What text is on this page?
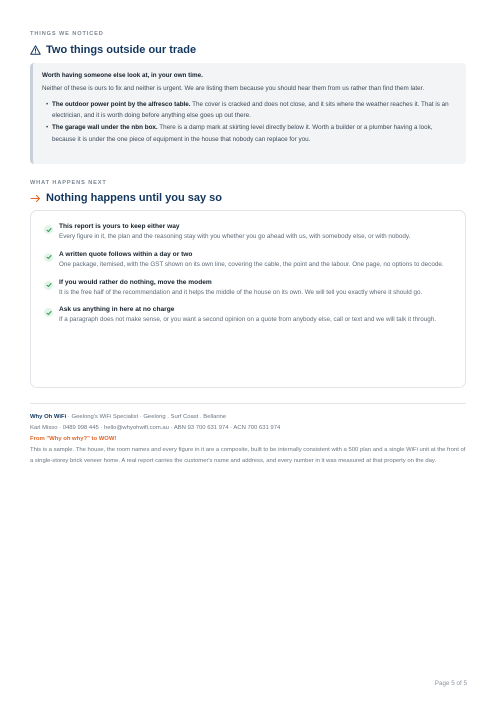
THINGS WE NOTICED
Two things outside our trade
Worth having someone else look at, in your own time.
Neither of these is ours to fix and neither is urgent. We are listing them because you should hear them from us rather than find them later.
• The outdoor power point by the alfresco table. The cover is cracked and does not close, and it sits where the weather reaches it. That is an electrician, and it is worth doing before anything else goes up out there.
• The garage wall under the nbn box. There is a damp mark at skirting level directly below it. Worth a builder or a plumber having a look, because it is under the one piece of equipment in the house that nobody can replace for you.
WHAT HAPPENS NEXT
Nothing happens until you say so
This report is yours to keep either way
Every figure in it, the plan and the reasoning stay with you whether you go ahead with us, with somebody else, or with nobody.
A written quote follows within a day or two
One package, itemised, with the GST shown on its own line, covering the cable, the point and the labour. One page, no options to decode.
If you would rather do nothing, move the modem
It is the free half of the recommendation and it helps the middle of the house on its own. We will tell you exactly where it should go.
Ask us anything in here at no charge
If a paragraph does not make sense, or you want a second opinion on a quote from anybody else, call or text and we will talk it through.
Why Oh WiFi · Geelong's WiFi Specialist · Geelong . Surf Coast . Bellarine
Karl Misso · 0489 998 445 · hello@whyohwifi.com.au · ABN 93 700 631 974 · ACN 700 631 974
From "Why oh why?" to WOW!
This is a sample. The house, the room names and every figure in it are a composite, built to be internally consistent with a 500 plan and a single WiFi unit at the front of a single-storey brick veneer home. A real report carries the customer's name and address, and every number in it was measured at that property on the day.
Page 5 of 5
